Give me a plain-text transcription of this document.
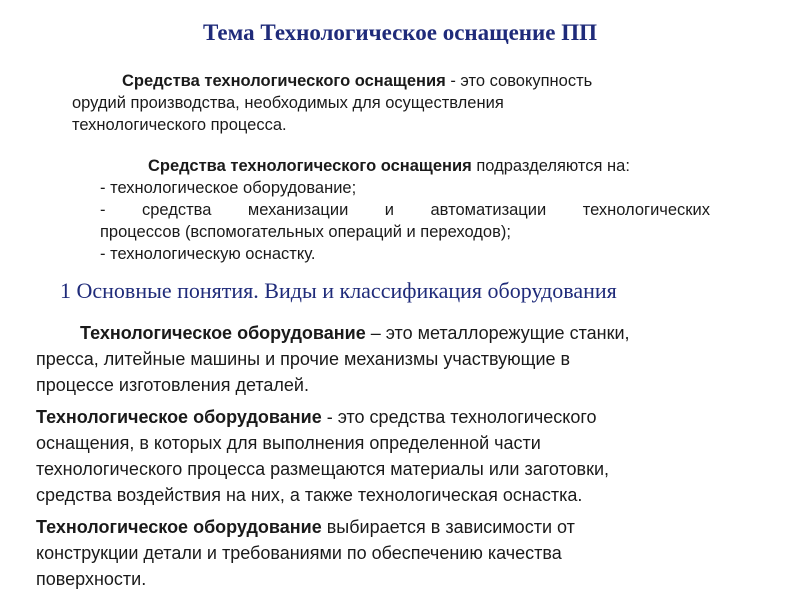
Тема Технологическое оснащение ПП
Средства технологического оснащения - это совокупность
орудий производства, необходимых для осуществления
технологического процесса.
Средства технологического оснащения подразделяются на:
- технологическое оборудование;
- средства механизации и автоматизации технологических
процессов (вспомогательных операций и переходов);
- технологическую оснастку.
1 Основные понятия. Виды и классификация оборудования

Технологическое оборудование – это металлорежущие станки,
пресса, литейные машины и прочие механизмы участвующие в
процессе изготовления деталей.

Технологическое оборудование - это средства технологического
оснащения, в которых для выполнения определенной части
технологического процесса размещаются материалы или заготовки,
средства воздействия на них, а также технологическая оснастка.

Технологическое оборудование выбирается в зависимости от
конструкции детали и требованиями по обеспечению качества
поверхности.
